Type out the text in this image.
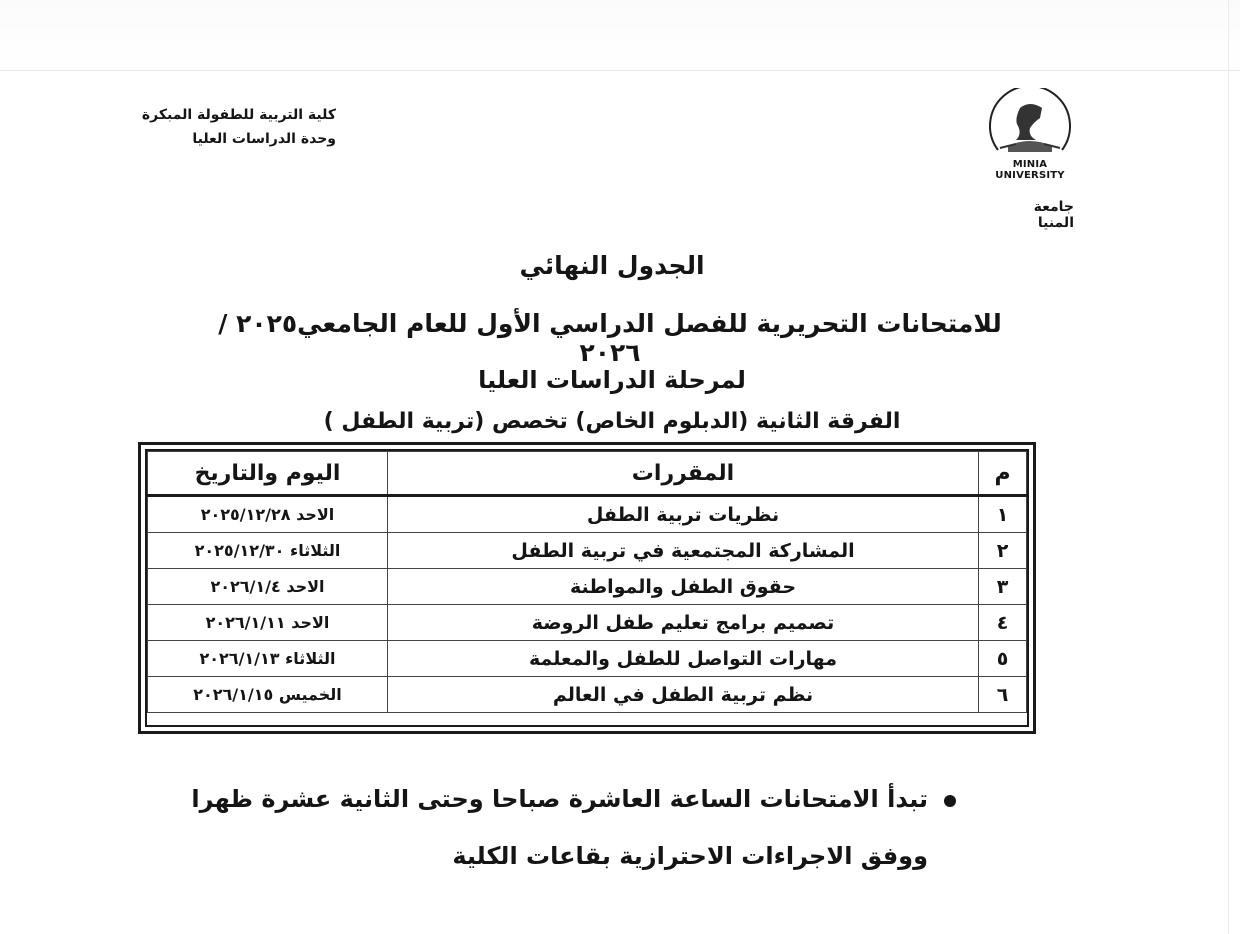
MINIA UNIVERSITY
جامعة المنيا
كلية التربية للطفولة المبكرة
وحدة الدراسات العليا
الجدول النهائي
للامتحانات التحريرية للفصل الدراسي الأول للعام الجامعي٢٠٢٥ /٢٠٢٦
لمرحلة الدراسات العليا
الفرقة الثانية (الدبلوم الخاص) تخصص (تربية الطفل )
م	المقررات	اليوم والتاريخ
١	نظريات تربية الطفل	الاحد ٢٠٢٥/١٢/٢٨
٢	المشاركة المجتمعية في تربية الطفل	الثلاثاء ٢٠٢٥/١٢/٣٠
٣	حقوق الطفل والمواطنة	الاحد ٢٠٢٦/١/٤
٤	تصميم برامج تعليم طفل الروضة	الاحد ٢٠٢٦/١/١١
٥	مهارات التواصل للطفل والمعلمة	الثلاثاء ٢٠٢٦/١/١٣
٦	نظم تربية الطفل في العالم	الخميس ٢٠٢٦/١/١٥
تبدأ الامتحانات الساعة العاشرة صباحا وحتى الثانية عشرة ظهرا
ووفق الاجراءات الاحترازية بقاعات الكلية
